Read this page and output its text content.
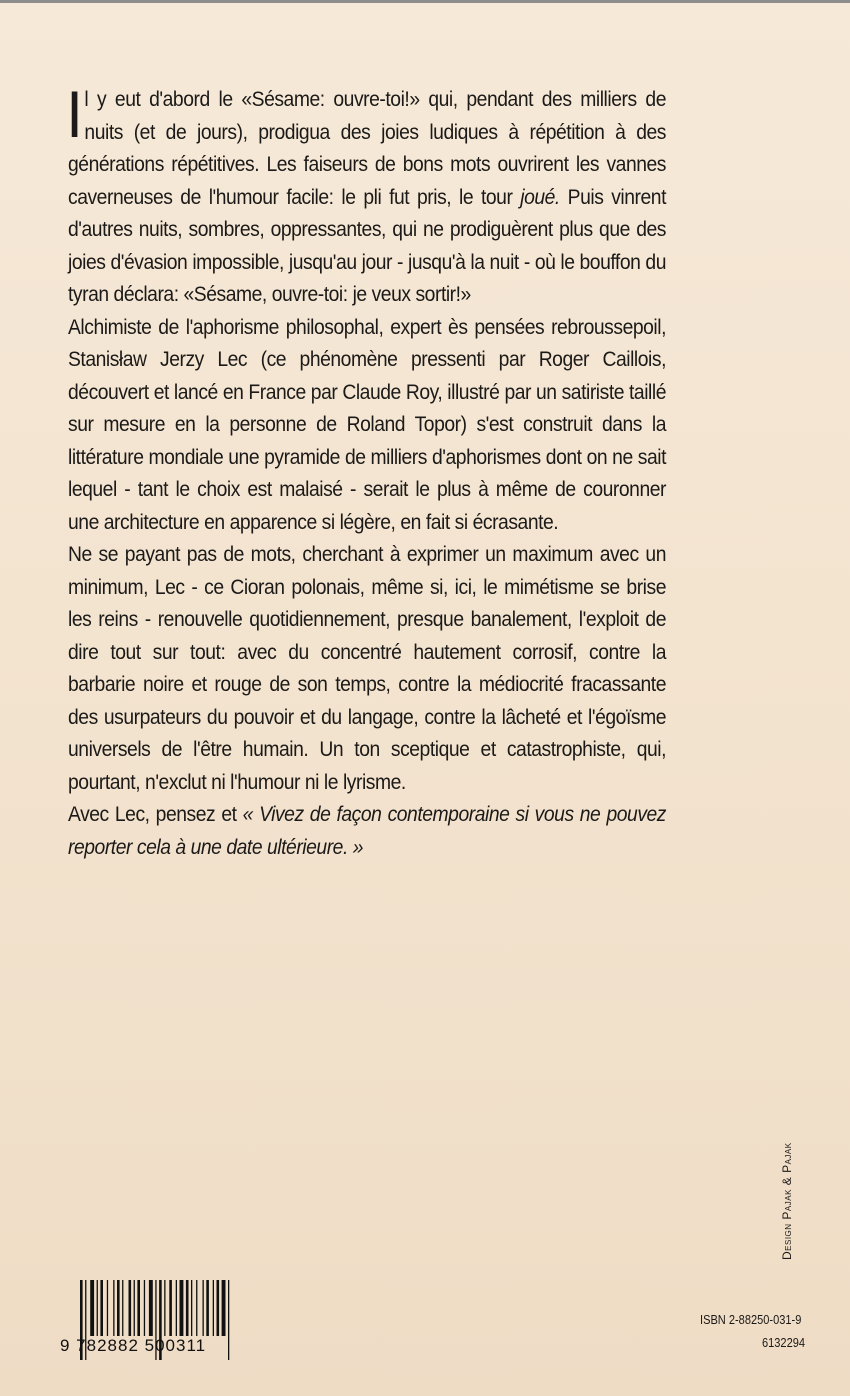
Il y eut d'abord le «Sésame: ouvre-toi!» qui, pendant des milliers de nuits (et de jours), prodigua des joies ludiques à répétition à des générations répétitives. Les faiseurs de bons mots ouvrirent les vannes caverneuses de l'humour facile: le pli fut pris, le tour joué. Puis vinrent d'autres nuits, sombres, oppressantes, qui ne prodiguèrent plus que des joies d'évasion impossible, jusqu'au jour - jusqu'à la nuit - où le bouffon du tyran déclara: «Sésame, ouvre-toi: je veux sortir!»

Alchimiste de l'aphorisme philosophal, expert ès pensées rebroussepoil, Stanisław Jerzy Lec (ce phénomène pressenti par Roger Caillois, découvert et lancé en France par Claude Roy, illustré par un satiriste taillé sur mesure en la personne de Roland Topor) s'est construit dans la littérature mondiale une pyramide de milliers d'aphorismes dont on ne sait lequel - tant le choix est malaisé - serait le plus à même de couronner une architecture en apparence si légère, en fait si écrasante.

Ne se payant pas de mots, cherchant à exprimer un maximum avec un minimum, Lec - ce Cioran polonais, même si, ici, le mimétisme se brise les reins - renouvelle quotidiennement, presque banalement, l'exploit de dire tout sur tout: avec du concentré hautement corrosif, contre la barbarie noire et rouge de son temps, contre la médiocrité fracassante des usurpateurs du pouvoir et du langage, contre la lâcheté et l'égoïsme universels de l'être humain. Un ton sceptique et catastrophiste, qui, pourtant, n'exclut ni l'humour ni le lyrisme.

Avec Lec, pensez et « Vivez de façon contemporaine si vous ne pouvez reporter cela à une date ultérieure. »

Design Pajak & Pajak
9 782882 500311
ISBN 2-88250-031-9
6132294
